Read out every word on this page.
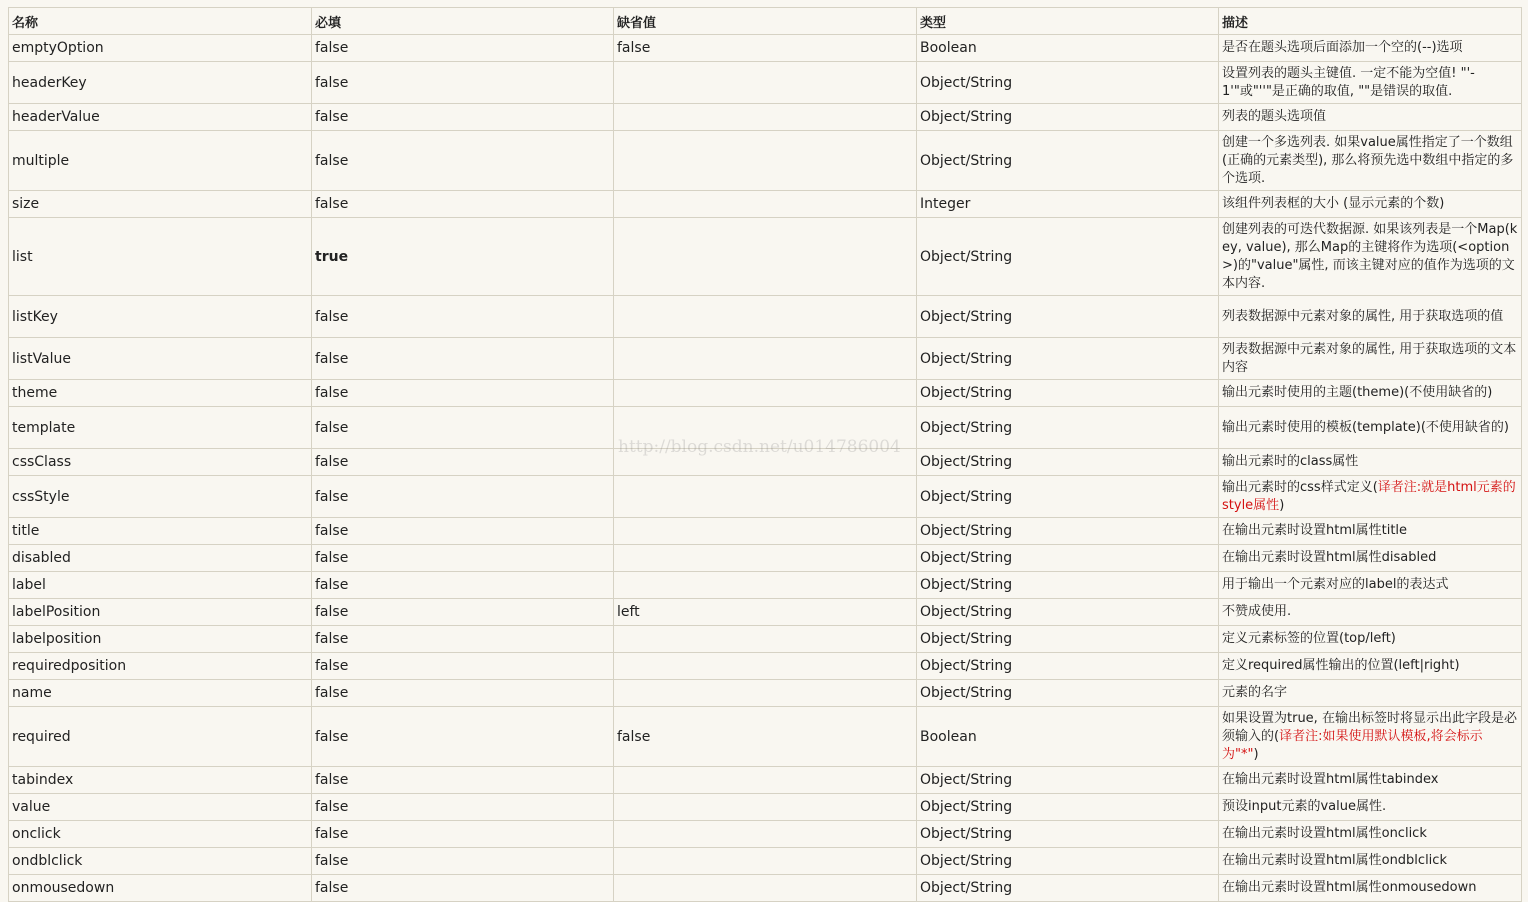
名称	必填	缺省值	类型	描述
emptyOption	false	false	Boolean	是否在题头选项后面添加一个空的(--)选项
headerKey	false		Object/String	设置列表的题头主键值. 一定不能为空值! "'-1'"或"''"是正确的取值, ""是错误的取值.
headerValue	false		Object/String	列表的题头选项值
multiple	false		Object/String	创建一个多选列表. 如果value属性指定了一个数组(正确的元素类型), 那么将预先选中数组中指定的多个选项.
size	false		Integer	该组件列表框的大小 (显示元素的个数)
list	true		Object/String	创建列表的可迭代数据源. 如果该列表是一个Map(key, value), 那么Map的主键将作为选项(<option>)的"value"属性, 而该主键对应的值作为选项的文本内容.
listKey	false		Object/String	列表数据源中元素对象的属性, 用于获取选项的值
listValue	false		Object/String	列表数据源中元素对象的属性, 用于获取选项的文本内容
theme	false		Object/String	输出元素时使用的主题(theme)(不使用缺省的)
template	false		Object/String	输出元素时使用的模板(template)(不使用缺省的)
cssClass	false		Object/String	输出元素时的class属性
cssStyle	false		Object/String	输出元素时的css样式定义(译者注:就是html元素的style属性)
title	false		Object/String	在输出元素时设置html属性title
disabled	false		Object/String	在输出元素时设置html属性disabled
label	false		Object/String	用于输出一个元素对应的label的表达式
labelPosition	false	left	Object/String	不赞成使用.
labelposition	false		Object/String	定义元素标签的位置(top/left)
requiredposition	false		Object/String	定义required属性输出的位置(left|right)
name	false		Object/String	元素的名字
required	false	false	Boolean	如果设置为true, 在输出标签时将显示出此字段是必须输入的(译者注:如果使用默认模板,将会标示为"*")
tabindex	false		Object/String	在输出元素时设置html属性tabindex
value	false		Object/String	预设input元素的value属性.
onclick	false		Object/String	在输出元素时设置html属性onclick
ondblclick	false		Object/String	在输出元素时设置html属性ondblclick
onmousedown	false		Object/String	在输出元素时设置html属性onmousedown
http://blog.csdn.net/u014786004
